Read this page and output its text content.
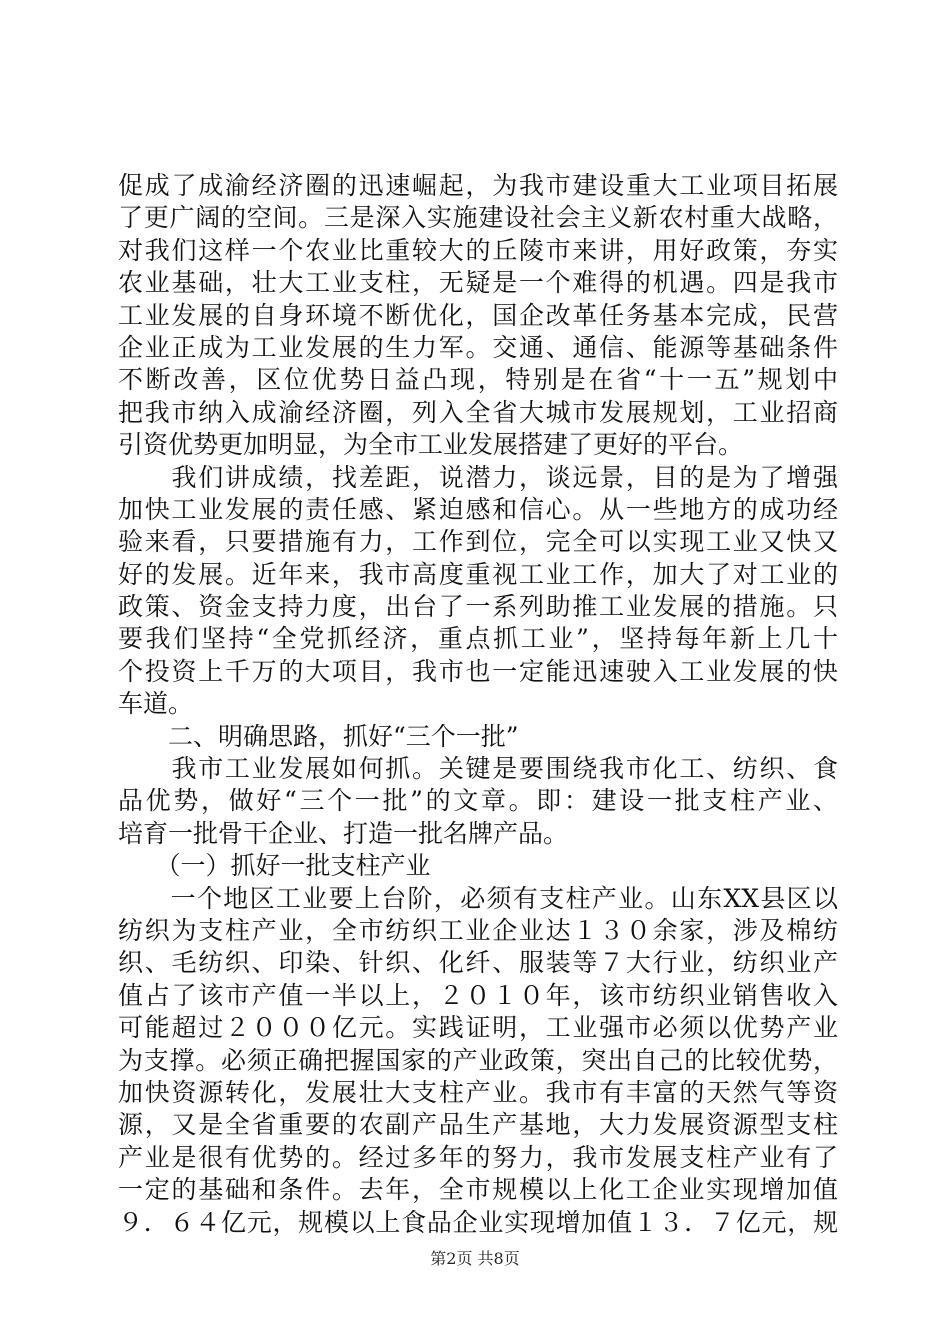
促成了成渝经济圈的迅速崛起，为我市建设重大工业项目拓展
了更广阔的空间。三是深入实施建设社会主义新农村重大战略，
对我们这样一个农业比重较大的丘陵市来讲，用好政策，夯实
农业基础，壮大工业支柱，无疑是一个难得的机遇。四是我市
工业发展的自身环境不断优化，国企改革任务基本完成，民营
企业正成为工业发展的生力军。交通、通信、能源等基础条件
不断改善，区位优势日益凸现，特别是在省“十一五”规划中
把我市纳入成渝经济圈，列入全省大城市发展规划，工业招商
引资优势更加明显，为全市工业发展搭建了更好的平台。
　　我们讲成绩，找差距，说潜力，谈远景，目的是为了增强
加快工业发展的责任感、紧迫感和信心。从一些地方的成功经
验来看，只要措施有力，工作到位，完全可以实现工业又快又
好的发展。近年来，我市高度重视工业工作，加大了对工业的
政策、资金支持力度，出台了一系列助推工业发展的措施。只
要我们坚持“全党抓经济，重点抓工业”，坚持每年新上几十
个投资上千万的大项目，我市也一定能迅速驶入工业发展的快
车道。
　　二、明确思路，抓好“三个一批”
　　我市工业发展如何抓。关键是要围绕我市化工、纺织、食
品优势，做好“三个一批”的文章。即：建设一批支柱产业、
培育一批骨干企业、打造一批名牌产品。
　　（一）抓好一批支柱产业
　　一个地区工业要上台阶，必须有支柱产业。山东XX县区以
纺织为支柱产业，全市纺织工业企业达１３０余家，涉及棉纺
织、毛纺织、印染、针织、化纤、服装等７大行业，纺织业产
值占了该市产值一半以上，２０１０年，该市纺织业销售收入
可能超过２０００亿元。实践证明，工业强市必须以优势产业
为支撑。必须正确把握国家的产业政策，突出自己的比较优势，
加快资源转化，发展壮大支柱产业。我市有丰富的天然气等资
源，又是全省重要的农副产品生产基地，大力发展资源型支柱
产业是很有优势的。经过多年的努力，我市发展支柱产业有了
一定的基础和条件。去年，全市规模以上化工企业实现增加值
９．６４亿元，规模以上食品企业实现增加值１３．７亿元，规
第2页 共8页
